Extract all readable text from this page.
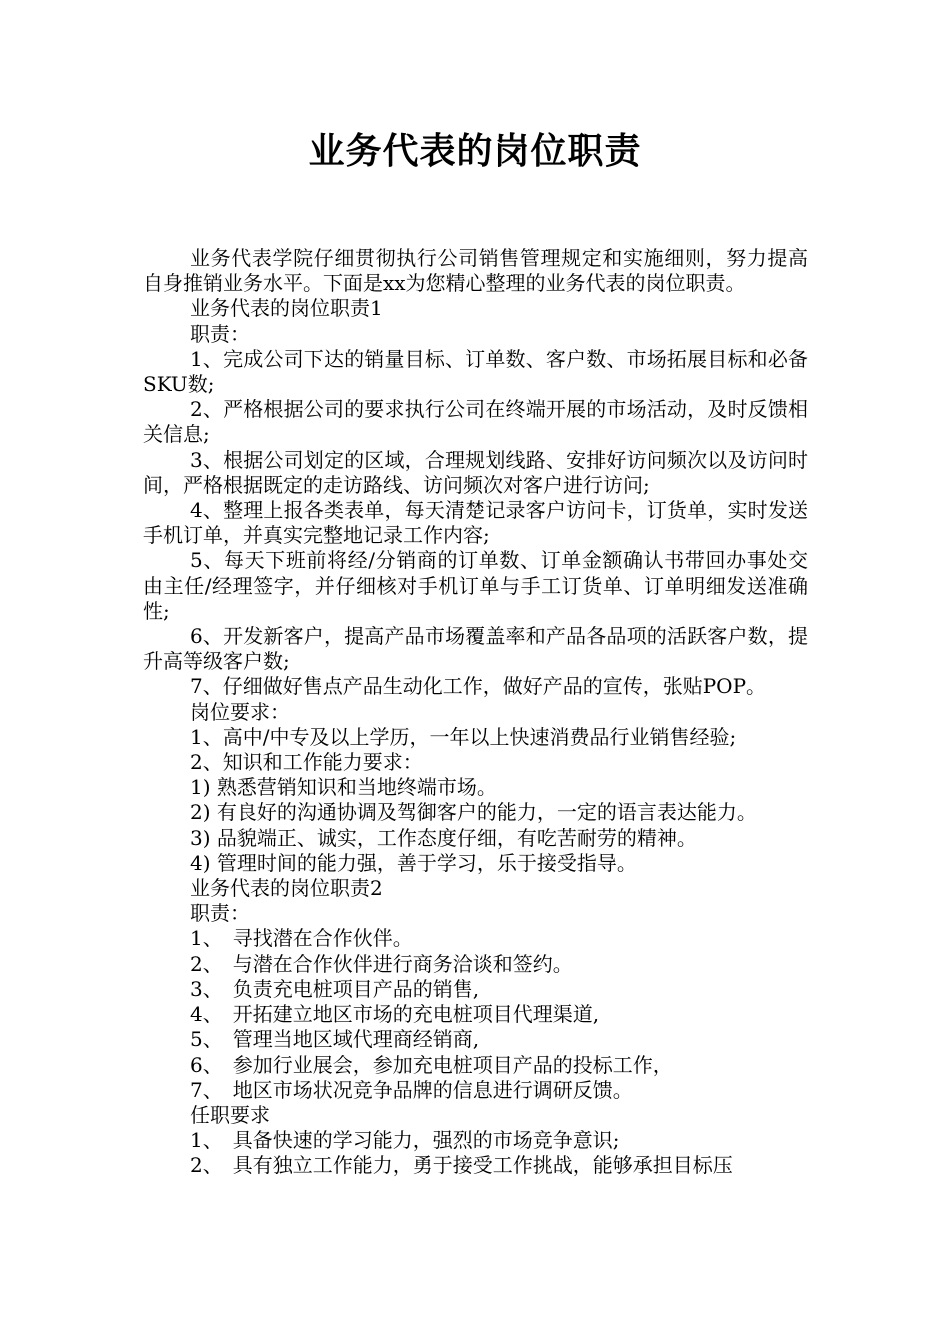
业务代表的岗位职责

业务代表学院仔细贯彻执行公司销售管理规定和实施细则，努力提高自身推销业务水平。下面是xx为您精心整理的业务代表的岗位职责。

业务代表的岗位职责1

职责：

1、完成公司下达的销量目标、订单数、客户数、市场拓展目标和必备SKU数;

2、严格根据公司的要求执行公司在终端开展的市场活动，及时反馈相关信息;

3、根据公司划定的区域，合理规划线路、安排好访问频次以及访问时间，严格根据既定的走访路线、访问频次对客户进行访问;

4、整理上报各类表单，每天清楚记录客户访问卡，订货单，实时发送手机订单，并真实完整地记录工作内容;

5、每天下班前将经/分销商的订单数、订单金额确认书带回办事处交由主任/经理签字，并仔细核对手机订单与手工订货单、订单明细发送准确性;

6、开发新客户，提高产品市场覆盖率和产品各品项的活跃客户数，提升高等级客户数;

7、仔细做好售点产品生动化工作，做好产品的宣传，张贴POP。

岗位要求：

1、高中/中专及以上学历，一年以上快速消费品行业销售经验;

2、知识和工作能力要求：

1) 熟悉营销知识和当地终端市场。

2) 有良好的沟通协调及驾御客户的能力，一定的语言表达能力。

3) 品貌端正、诚实，工作态度仔细，有吃苦耐劳的精神。

4) 管理时间的能力强，善于学习，乐于接受指导。

业务代表的岗位职责2

职责：

1、　寻找潜在合作伙伴。

2、　与潜在合作伙伴进行商务洽谈和签约。

3、　负责充电桩项目产品的销售,

4、　开拓建立地区市场的充电桩项目代理渠道,

5、　管理当地区域代理商经销商,

6、　参加行业展会，参加充电桩项目产品的投标工作，

7、　地区市场状况竞争品牌的信息进行调研反馈。

任职要求

1、　具备快速的学习能力，强烈的市场竞争意识;

2、　具有独立工作能力，勇于接受工作挑战，能够承担目标压
